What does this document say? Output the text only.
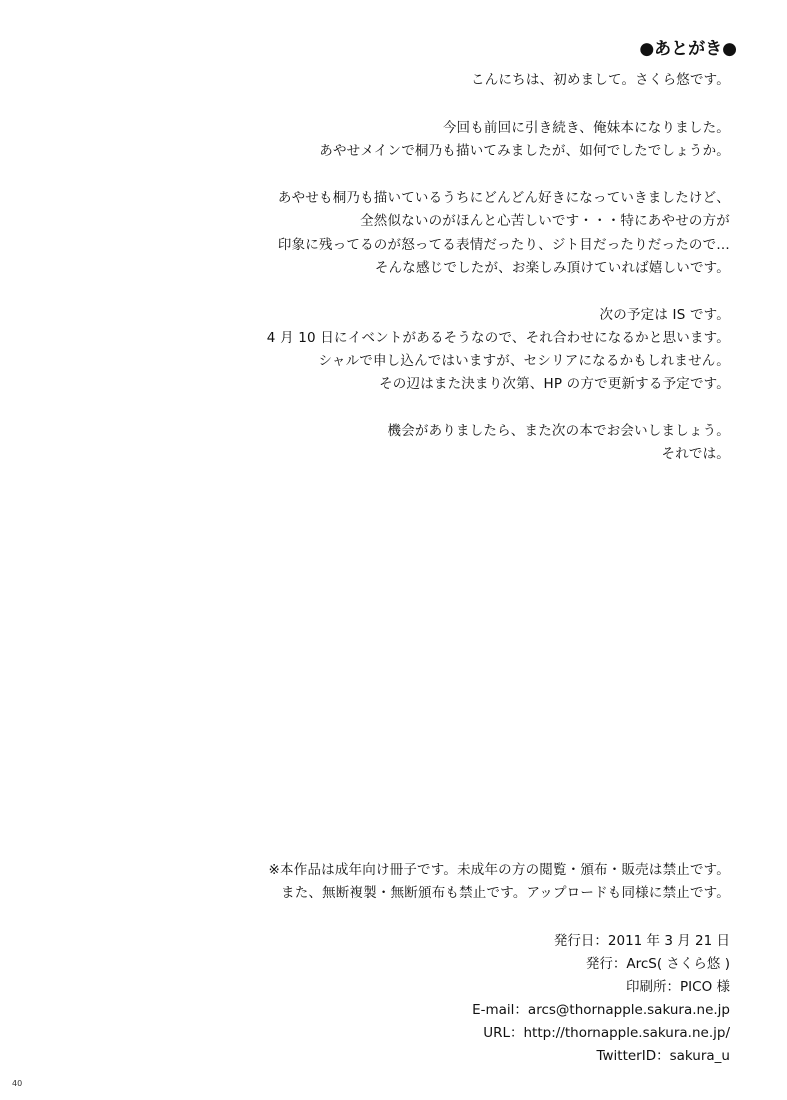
●あとがき●
こんにちは、初めまして。さくら悠です。
今回も前回に引き続き、俺妹本になりました。
あやせメインで桐乃も描いてみましたが、如何でしたでしょうか。
あやせも桐乃も描いているうちにどんどん好きになっていきましたけど、
全然似ないのがほんと心苦しいです・・・特にあやせの方が
印象に残ってるのが怒ってる表情だったり、ジト目だったりだったので…
そんな感じでしたが、お楽しみ頂けていれば嬉しいです。
次の予定は IS です。
4 月 10 日にイベントがあるそうなので、それ合わせになるかと思います。
シャルで申し込んではいますが、セシリアになるかもしれません。
その辺はまた決まり次第、HP の方で更新する予定です。
機会がありましたら、また次の本でお会いしましょう。
それでは。
※本作品は成年向け冊子です。未成年の方の閲覧・頒布・販売は禁止です。
また、無断複製・無断頒布も禁止です。アップロードも同様に禁止です。
発行日：2011 年 3 月 21 日
発行：ArcS( さくら悠 )
印刷所：PICO 様
E-mail：arcs@thornapple.sakura.ne.jp
URL：http://thornapple.sakura.ne.jp/
TwitterID：sakura_u
40
